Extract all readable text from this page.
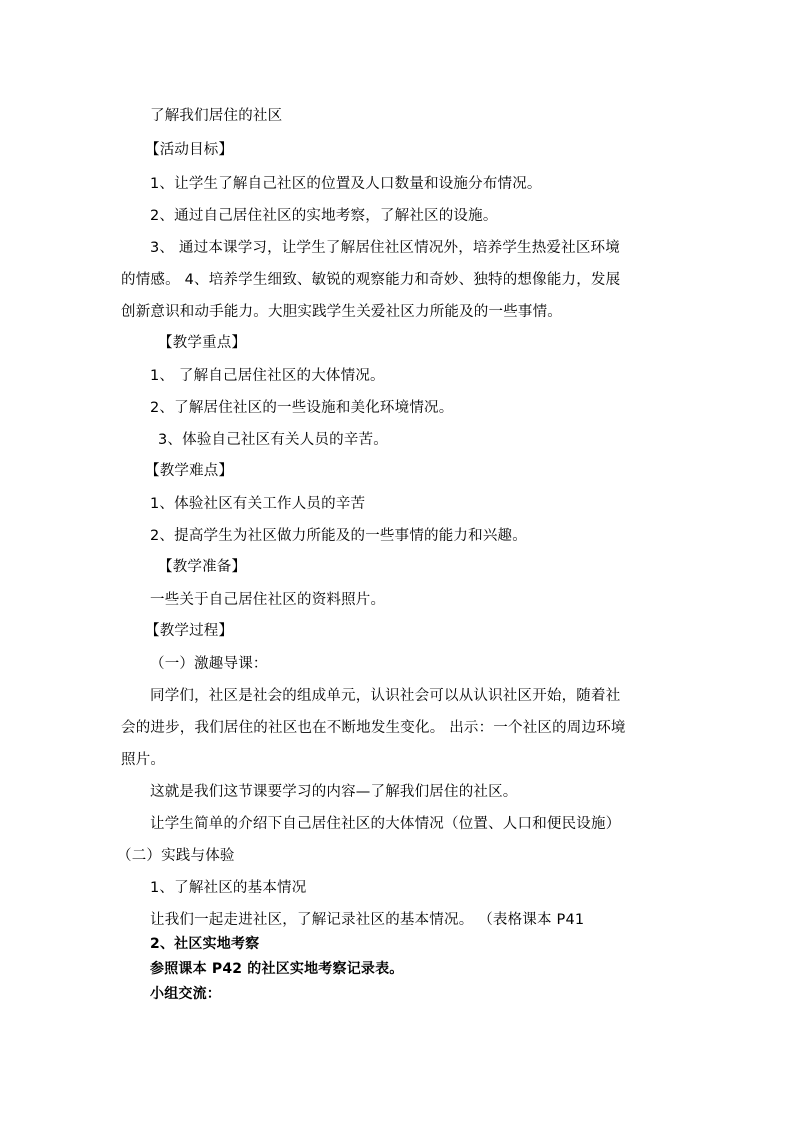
了解我们居住的社区
【活动目标】
1、让学生了解自己社区的位置及人口数量和设施分布情况。
2、通过自己居住社区的实地考察，了解社区的设施。
3、 通过本课学习，让学生了解居住社区情况外，培养学生热爱社区环境
的情感。 4、培养学生细致、敏锐的观察能力和奇妙、独特的想像能力，发展
创新意识和动手能力。大胆实践学生关爱社区力所能及的一些事情。
【教学重点】
1、 了解自己居住社区的大体情况。
2、了解居住社区的一些设施和美化环境情况。
3、体验自己社区有关人员的辛苦。
【教学难点】
1、体验社区有关工作人员的辛苦
2、提高学生为社区做力所能及的一些事情的能力和兴趣。
【教学准备】
一些关于自己居住社区的资料照片。
【教学过程】
（一）激趣导课：
同学们，社区是社会的组成单元，认识社会可以从认识社区开始，随着社
会的进步，我们居住的社区也在不断地发生变化。 出示：一个社区的周边环境
照片。
这就是我们这节课要学习的内容—了解我们居住的社区。
让学生简单的介绍下自己居住社区的大体情况（位置、人口和便民设施）
（二）实践与体验
1、了解社区的基本情况
让我们一起走进社区，了解记录社区的基本情况。 （表格课本 P41
2、社区实地考察
参照课本 P42 的社区实地考察记录表。
小组交流：
